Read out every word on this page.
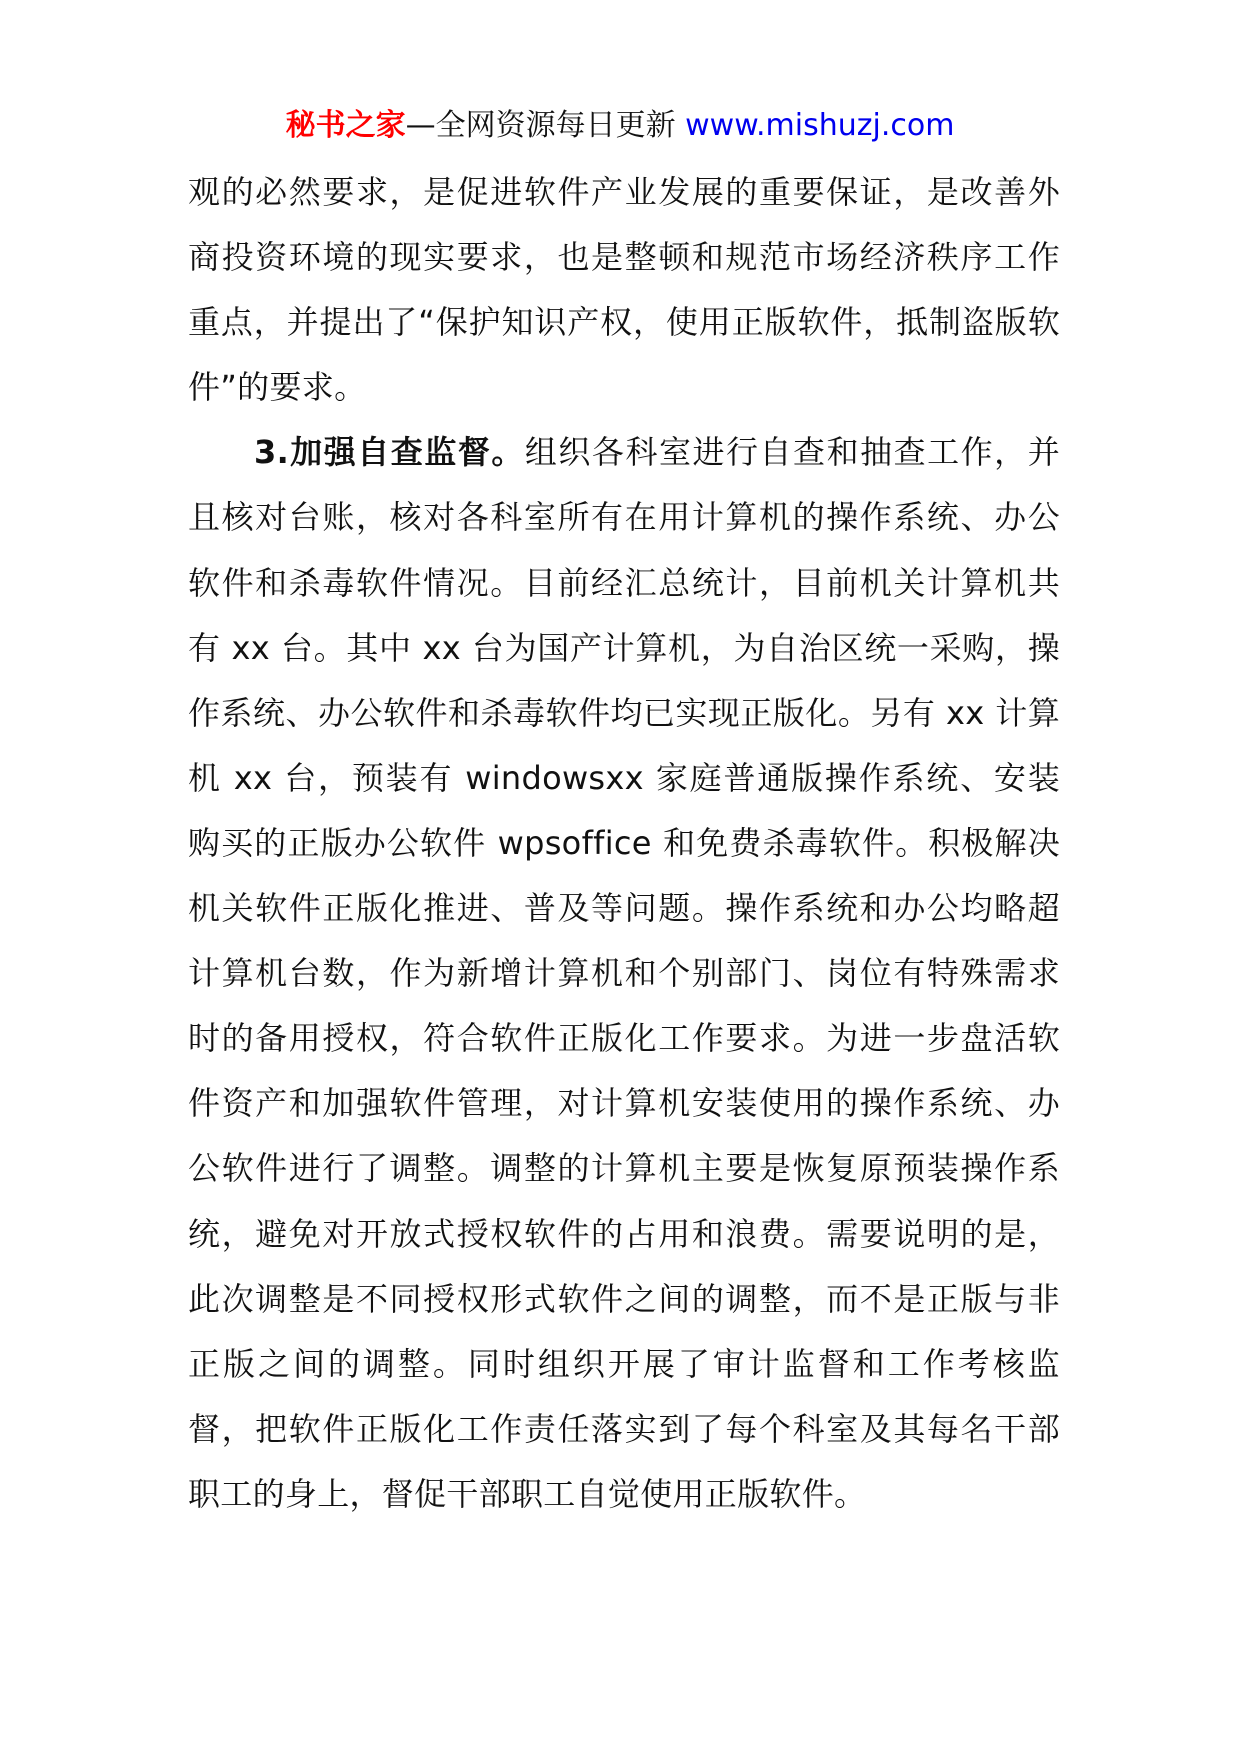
秘书之家—全网资源每日更新 www.mishuzj.com

观的必然要求，是促进软件产业发展的重要保证，是改善外商投资环境的现实要求，也是整顿和规范市场经济秩序工作重点，并提出了“保护知识产权，使用正版软件，抵制盗版软件”的要求。

3.加强自查监督。组织各科室进行自查和抽查工作，并且核对台账，核对各科室所有在用计算机的操作系统、办公软件和杀毒软件情况。目前经汇总统计，目前机关计算机共有 xx 台。其中 xx 台为国产计算机，为自治区统一采购，操作系统、办公软件和杀毒软件均已实现正版化。另有 xx 计算机 xx 台，预装有 windowsxx 家庭普通版操作系统、安装购买的正版办公软件 wpsoffice 和免费杀毒软件。积极解决机关软件正版化推进、普及等问题。操作系统和办公均略超计算机台数，作为新增计算机和个别部门、岗位有特殊需求时的备用授权，符合软件正版化工作要求。为进一步盘活软件资产和加强软件管理，对计算机安装使用的操作系统、办公软件进行了调整。调整的计算机主要是恢复原预装操作系统，避免对开放式授权软件的占用和浪费。需要说明的是，此次调整是不同授权形式软件之间的调整，而不是正版与非正版之间的调整。同时组织开展了审计监督和工作考核监督，把软件正版化工作责任落实到了每个科室及其每名干部职工的身上，督促干部职工自觉使用正版软件。
